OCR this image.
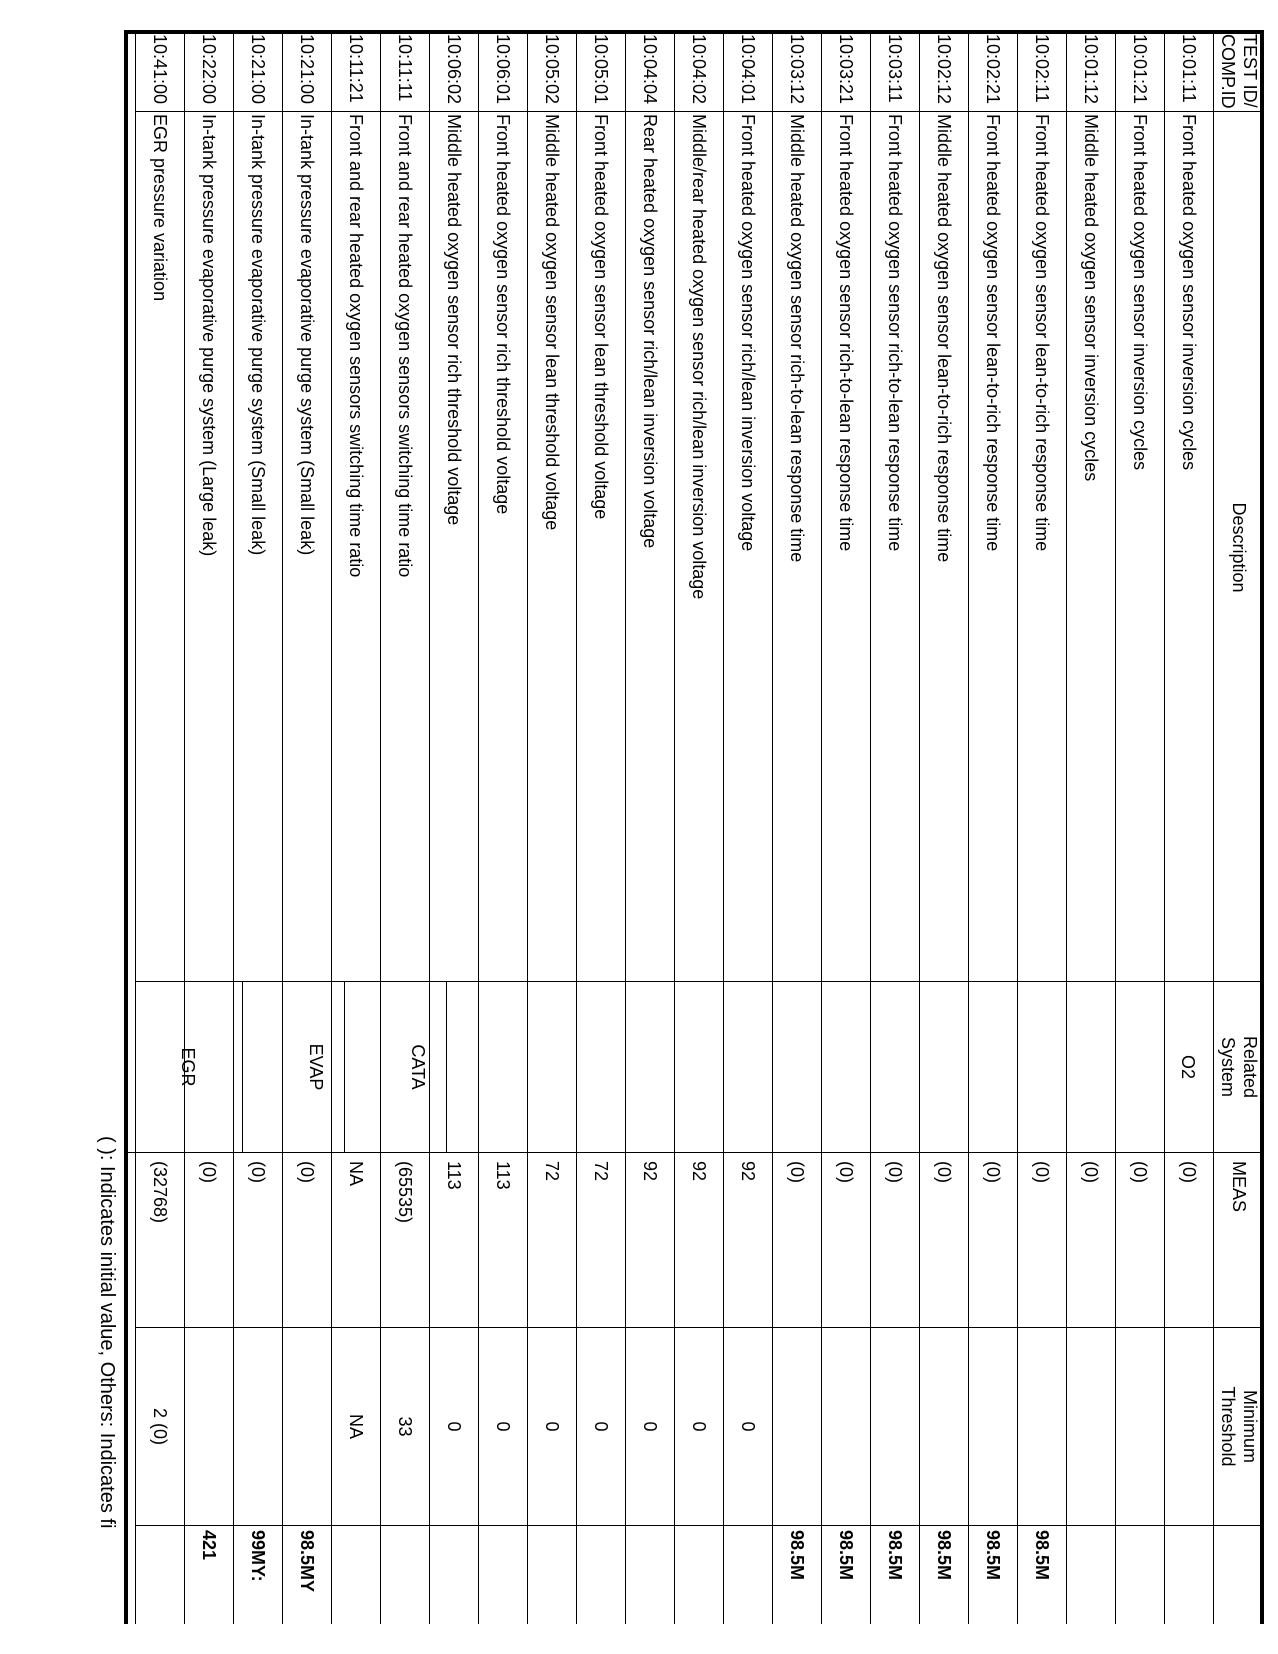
TEST ID/
COMP.ID
Description
Related
System
MEAS
Minimum
Threshold
10:01:11
Front heated oxygen sensor inversion cycles
(0)
10:01:21
Front heated oxygen sensor inversion cycles
(0)
10:01:12
Middle heated oxygen sensor inversion cycles
(0)
10:02:11
Front heated oxygen sensor lean-to-rich response time
(0)
98.5M
10:02:21
Front heated oxygen sensor lean-to-rich response time
(0)
98.5M
10:02:12
Middle heated oxygen sensor lean-to-rich response time
(0)
98.5M
10:03:11
Front heated oxygen sensor rich-to-lean response time
(0)
98.5M
10:03:21
Front heated oxygen sensor rich-to-lean response time
(0)
98.5M
10:03:12
Middle heated oxygen sensor rich-to-lean response time
(0)
98.5M
10:04:01
Front heated oxygen sensor rich/lean inversion voltage
92
0
10:04:02
Middle/rear heated oxygen sensor rich/lean inversion voltage
92
0
10:04:04
Rear heated oxygen sensor rich/lean inversion voltage
92
0
10:05:01
Front heated oxygen sensor lean threshold voltage
72
0
10:05:02
Middle heated oxygen sensor lean threshold voltage
72
0
10:06:01
Front heated oxygen sensor rich threshold voltage
113
0
10:06:02
Middle heated oxygen sensor rich threshold voltage
113
0
10:11:11
Front and rear heated oxygen sensors switching time ratio
(65535)
33
10:11:21
Front and rear heated oxygen sensors switching time ratio
NA
NA
10:21:00
In-tank pressure evaporative purge system (Small leak)
(0)
98.5MY
10:21:00
In-tank pressure evaporative purge system (Small leak)
(0)
99MY:
10:22:00
In-tank pressure evaporative purge system (Large leak)
(0)
421
10:41:00
EGR pressure variation
(32768)
2 (0)
O2
CATA
EVAP
EGR
( ): Indicates initial value, Others: Indicates fi
